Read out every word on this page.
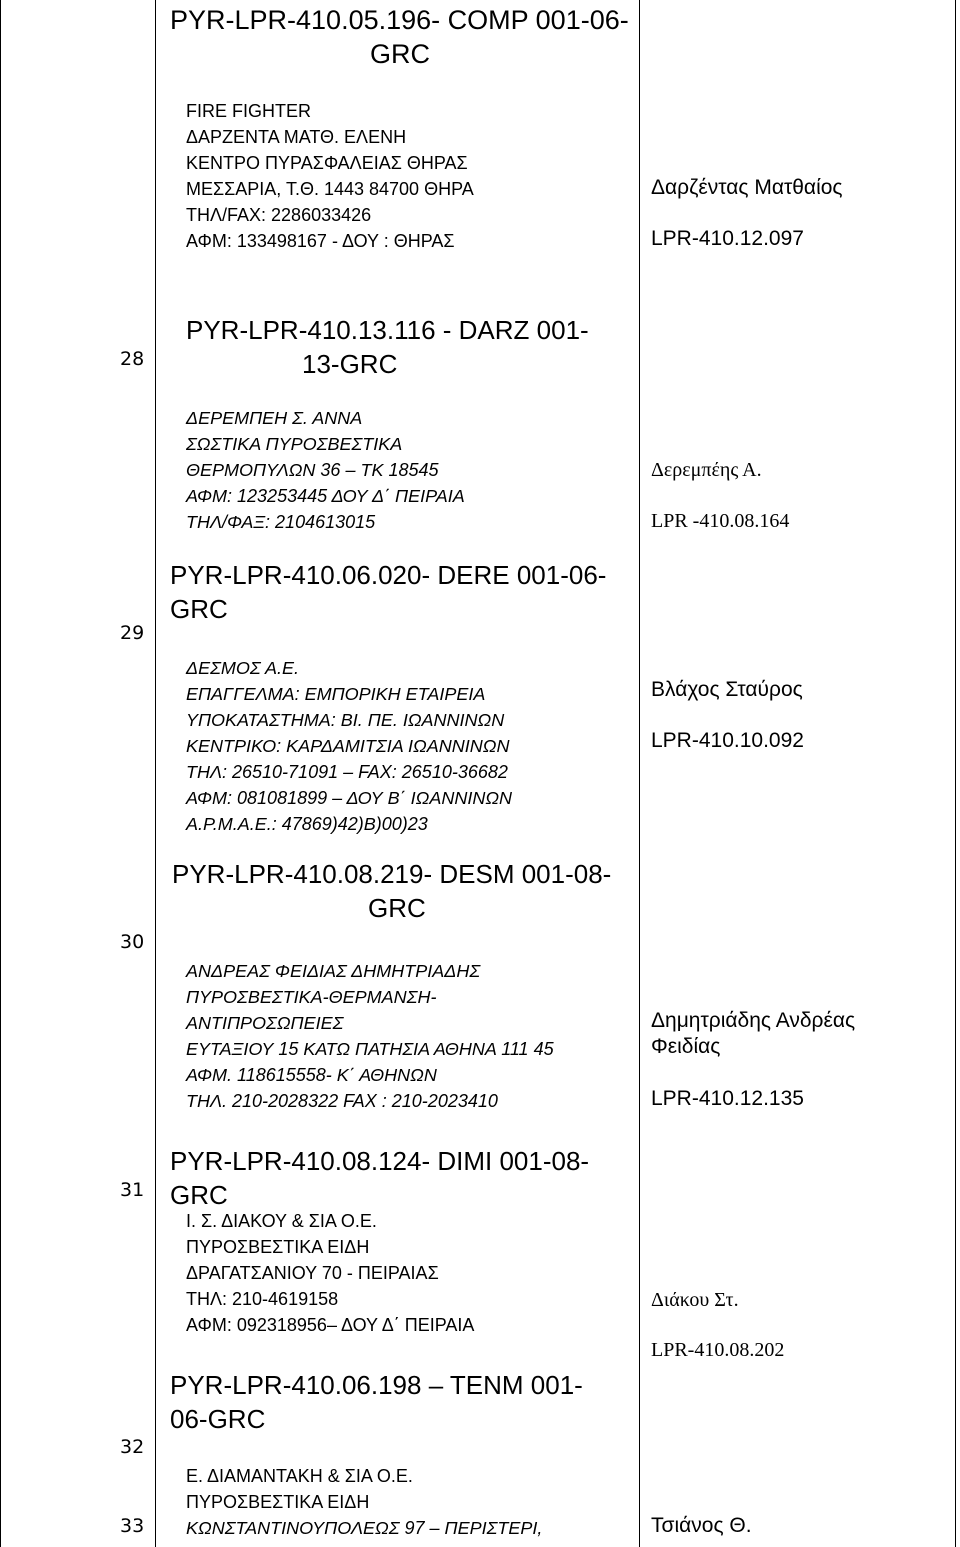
PYR-LPR-410.05.196- COMP 001-06-
GRC
FIRE FIGHTER
ΔΑΡΖΕΝΤΑ ΜΑΤΘ. ΕΛΕΝΗ
ΚΕΝΤΡΟ ΠΥΡΑΣΦΑΛΕΙΑΣ ΘΗΡΑΣ
ΜΕΣΣΑΡΙΑ, Τ.Θ. 1443 84700 ΘΗΡΑ
ΤΗΛ/FAX: 2286033426
ΑΦΜ: 133498167 - ΔΟΥ : ΘΗΡΑΣ
Δαρζέντας Ματθαίος
LPR-410.12.097
28
PYR-LPR-410.13.116 - DARZ 001-
13-GRC
ΔΕΡΕΜΠΕΗ Σ. ΑΝΝΑ
ΣΩΣΤΙΚΑ ΠΥΡΟΣΒΕΣΤΙΚΑ
ΘΕΡΜΟΠΥΛΩΝ 36 – ΤΚ 18545
ΑΦΜ: 123253445 ΔΟΥ Δ΄ ΠΕΙΡΑΙΑ
ΤΗΛ/ΦΑΞ: 2104613015
Δερεμπέης Α.
LPR -410.08.164
29
PYR-LPR-410.06.020- DERE 001-06-
GRC
ΔΕΣΜΟΣ Α.Ε.
ΕΠΑΓΓΕΛΜΑ: ΕΜΠΟΡΙΚΗ ΕΤΑΙΡΕΙΑ
ΥΠΟΚΑΤΑΣΤΗΜΑ: ΒΙ. ΠΕ. ΙΩΑΝΝΙΝΩΝ
ΚΕΝΤΡΙΚΟ: ΚΑΡΔΑΜΙΤΣΙΑ ΙΩΑΝΝΙΝΩΝ
ΤΗΛ: 26510-71091 – FAX: 26510-36682
ΑΦΜ: 081081899 – ΔΟΥ Β΄ ΙΩΑΝΝΙΝΩΝ
Α.Ρ.Μ.Α.Ε.: 47869)42)Β)00)23
Βλάχος Σταύρος
LPR-410.10.092
30
PYR-LPR-410.08.219- DESM 001-08-
GRC
ΑΝΔΡΕΑΣ ΦΕΙΔΙΑΣ ΔΗΜΗΤΡΙΑΔΗΣ
ΠΥΡΟΣΒΕΣΤΙΚΑ-ΘΕΡΜΑΝΣΗ-
ΑΝΤΙΠΡΟΣΩΠΕΙΕΣ
ΕΥΤΑΞΙΟΥ 15 ΚΑΤΩ ΠΑΤΗΣΙΑ ΑΘΗΝΑ 111 45
ΑΦΜ. 118615558- Κ΄ ΑΘΗΝΩΝ
ΤΗΛ. 210-2028322 FAX : 210-2023410
Δημητριάδης Ανδρέας
Φειδίας
LPR-410.12.135
31
PYR-LPR-410.08.124- DIMI 001-08-
GRC
Ι. Σ. ΔΙΑΚΟΥ & ΣΙΑ Ο.Ε.
ΠΥΡΟΣΒΕΣΤΙΚΑ ΕΙΔΗ
ΔΡΑΓΑΤΣΑΝΙΟΥ 70 - ΠΕΙΡΑΙΑΣ
ΤΗΛ: 210-4619158
ΑΦΜ: 092318956– ΔΟΥ Δ΄ ΠΕΙΡΑΙΑ
Διάκου Στ.
LPR-410.08.202
32
PYR-LPR-410.06.198 – TENM 001-
06-GRC
33
Ε. ΔΙΑΜΑΝΤΑΚΗ & ΣΙΑ Ο.Ε.
ΠΥΡΟΣΒΕΣΤΙΚΑ ΕΙΔΗ
ΚΩΝΣΤΑΝΤΙΝΟΥΠΟΛΕΩΣ 97 – ΠΕΡΙΣΤΕΡΙ,	Τσιάνος Θ.
